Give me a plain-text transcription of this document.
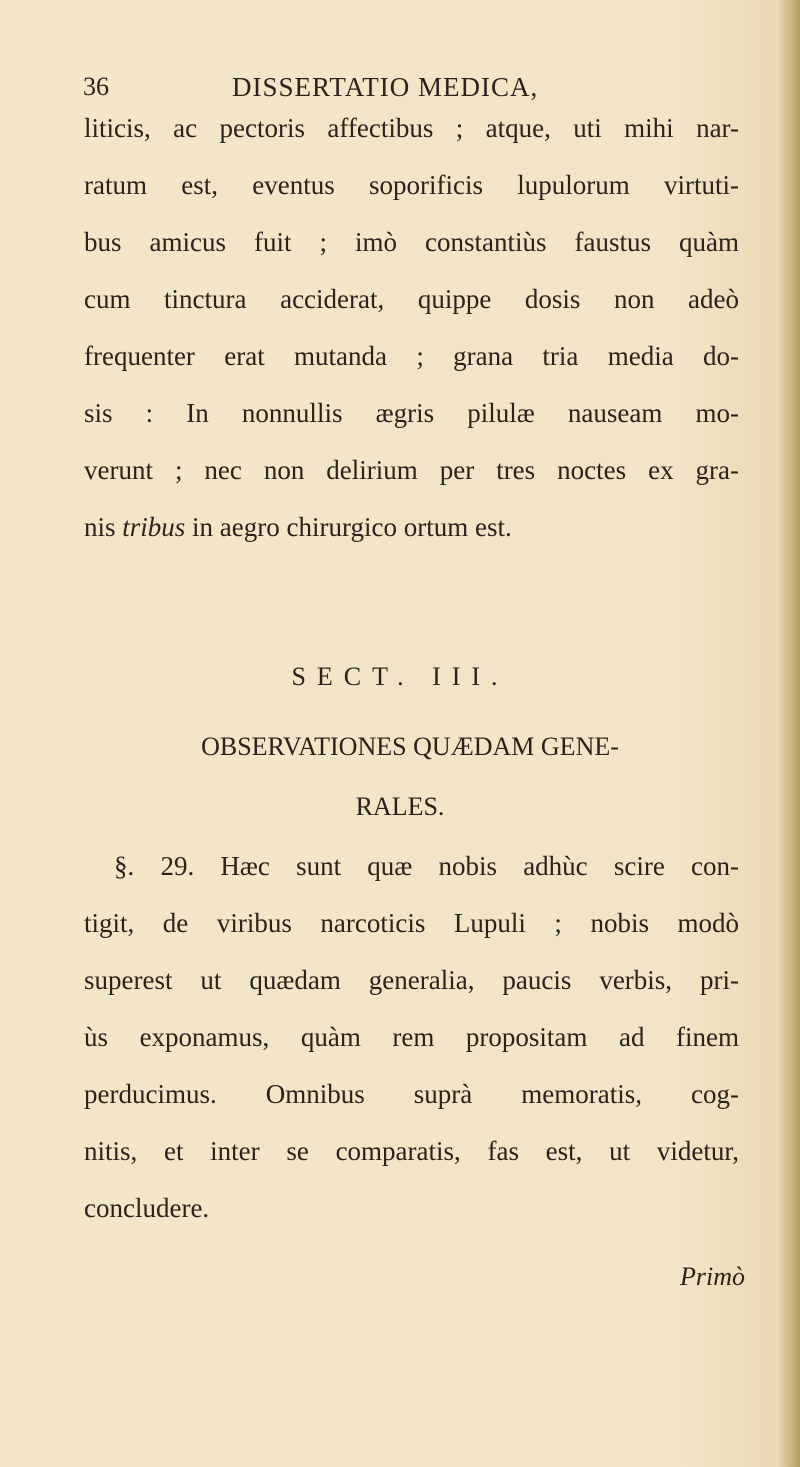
36	DISSERTATIO MEDICA,
liticis, ac pectoris affectibus ; atque, uti mihi nar-
ratum est, eventus soporificis lupulorum virtuti-
bus amicus fuit ; imò constantiùs faustus quàm
cum tinctura acciderat, quippe dosis non adeò
frequenter erat mutanda ; grana tria media do-
sis : In nonnullis ægris pilulæ nauseam mo-
verunt ; nec non delirium per tres noctes ex gra-
nis tribus in aegro chirurgico ortum est.
SECT. III.
OBSERVATIONES QUÆDAM GENE-
RALES.
§. 29. Hæc sunt quæ nobis adhùc scire con-
tigit, de viribus narcoticis Lupuli ; nobis modò
superest ut quædam generalia, paucis verbis, pri-
ùs exponamus, quàm rem propositam ad finem
perducimus. Omnibus suprà memoratis, cog-
nitis, et inter se comparatis, fas est, ut videtur,
concludere.
Primò
